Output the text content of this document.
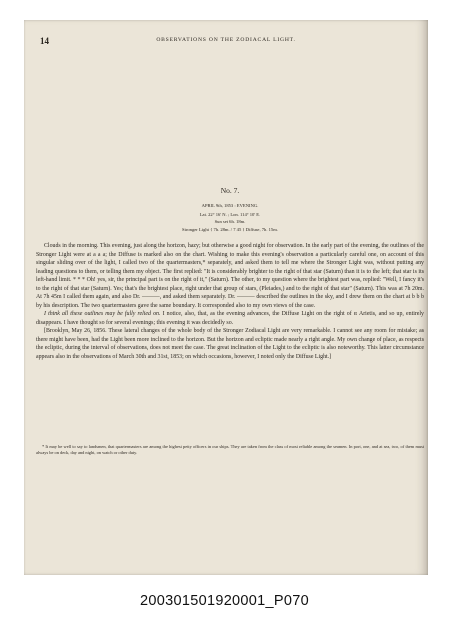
14	OBSERVATIONS ON THE ZODIACAL LIGHT.
No. 7.
APRIL 9th, 1853 : EVENING.
Lat. 22° 16' N. ; Lon. 114° 10' E.
Sun set 6h. 18m.
Stronger Light { 7h. 28m. / 7 45 } Diffuse, 7h. 15m.

Clouds in the morning. This evening, just along the horizon, hazy; but otherwise a good night for observation. In the early part of the evening, the outlines of the Stronger Light were at a a a; the Diffuse is marked also on the chart. Wishing to make this evening's observation a particularly careful one, on account of this singular sliding over of the light, I called two of the quartermasters,* separately, and asked them to tell me where the Stronger Light was, without putting any leading questions to them, or telling them my object. The first replied: "It is considerably brighter to the right of that star (Saturn) than it is to the left; that star is its left-hand limit. * * * Oh! yes, sir, the principal part is on the right of it," (Saturn). The other, to my question where the brightest part was, replied: "Well, I fancy it's to the right of that star (Saturn). Yes; that's the brightest place, right under that group of stars, (Pleiades,) and to the right of that star" (Saturn). This was at 7h 20m. At 7h 45m I called them again, and also Dr. ———, and asked them separately. Dr. ——— described the outlines in the sky, and I drew them on the chart at b b b by his description. The two quartermasters gave the same boundary. It corresponded also to my own views of the case.

I think all these outlines may be fully relied on. I notice, also, that, as the evening advances, the Diffuse Light on the right of α Arietis, and so up, entirely disappears. I have thought so for several evenings; this evening it was decidedly so.

[Brooklyn, May 26, 1856. These lateral changes of the whole body of the Stronger Zodiacal Light are very remarkable. I cannot see any room for mistake; as there might have been, had the Light been more inclined to the horizon. But the horizon and ecliptic made nearly a right angle. My own change of place, as respects the ecliptic, during the interval of observations, does not meet the case. The great inclination of the Light to the ecliptic is also noteworthy. This latter circumstance appears also in the observations of March 30th and 31st, 1853; on which occasions, however, I noted only the Diffuse Light.]

* It may be well to say to landsmen, that quartermasters are among the highest petty officers in our ships. They are taken from the class of most reliable among the seamen. In port, one, and at sea, two, of them must always be on deck, day and night, on watch or other duty.

200301501920001_P070
